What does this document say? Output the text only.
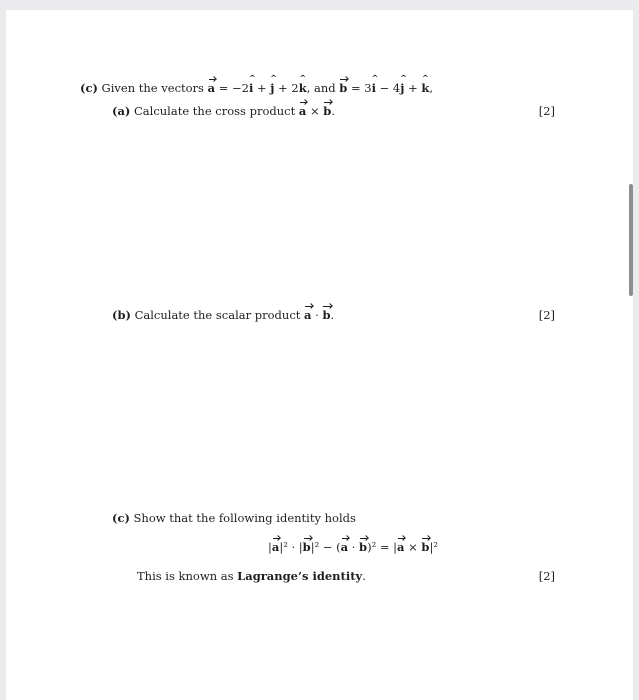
(c) Given the vectors a = −2i ^ + j ^ + 2k ^, and b = 3i ^ − 4j ^ + k ^,
(a) Calculate the cross product a × b.	[2]
(b) Calculate the scalar product a · b.	[2]
(c) Show that the following identity holds
|a|² · |b|² − (a · b)² = |a × b|²
This is known as Lagrange’s identity.	[2]
